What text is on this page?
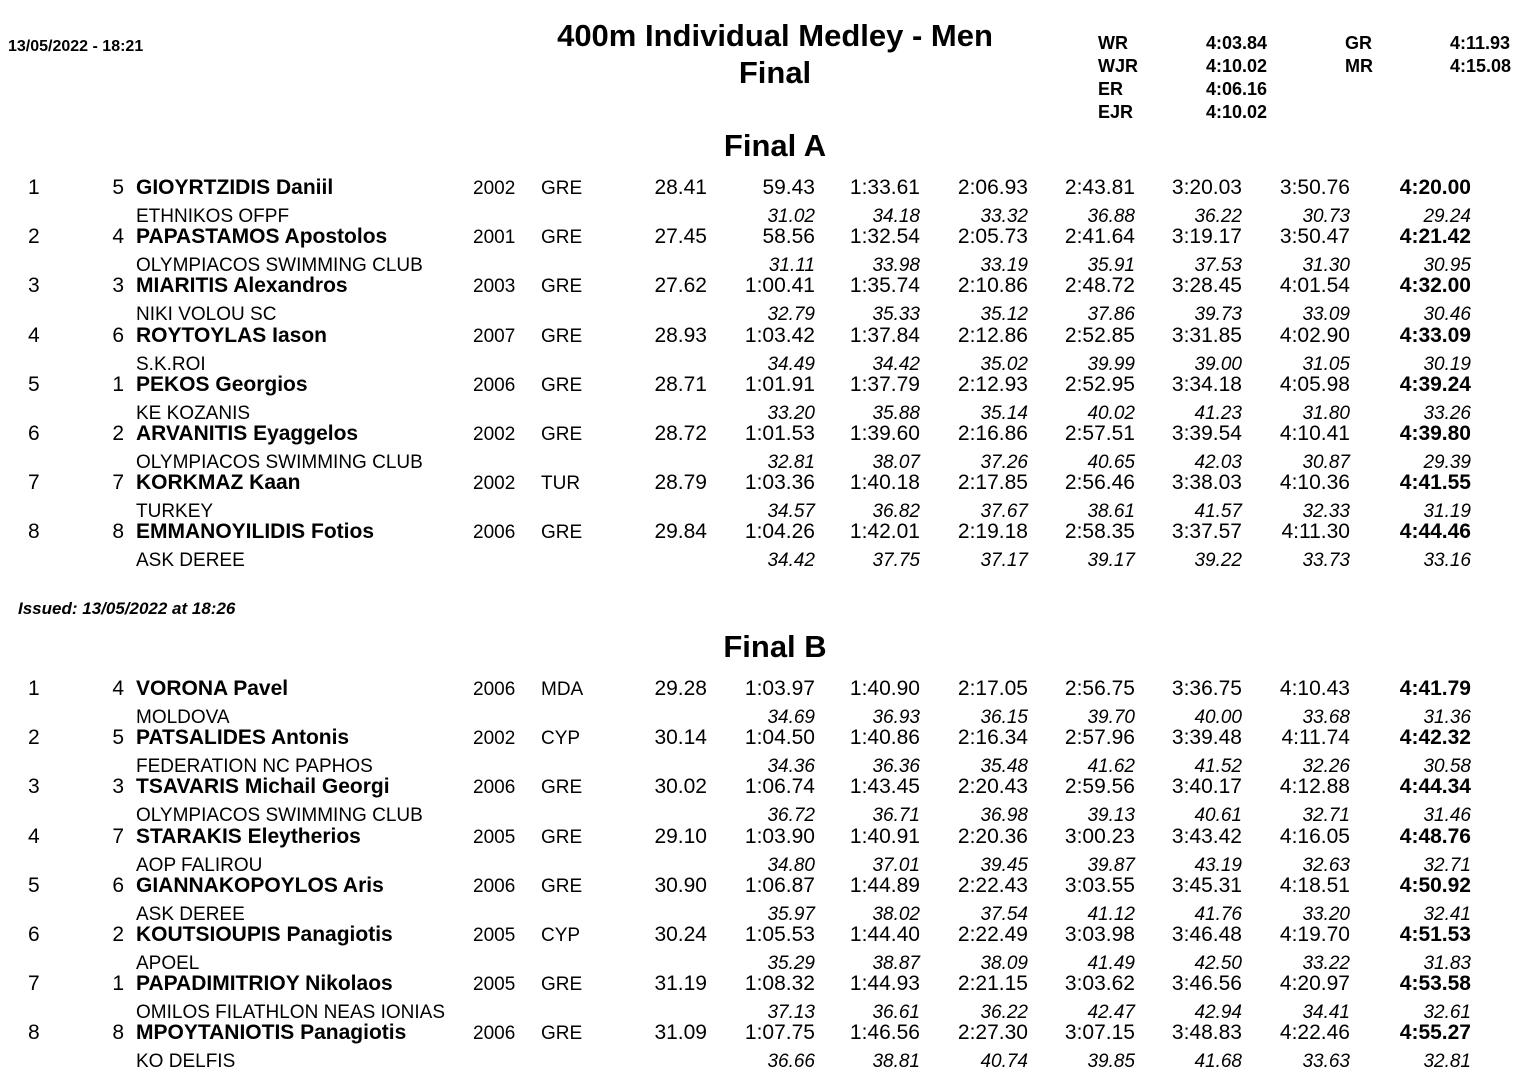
13/05/2022 - 18:21	400m Individual Medley - Men
Final
WR	4:03.84
WJR	4:10.02
ER	4:06.16
EJR	4:10.02
GR	4:11.93
MR	4:15.08
Final A
1	5 GIOYRTZIDIS Daniil	2002 GRE	28.41	59.43	1:33.61	2:06.93	2:43.81	3:20.03	3:50.76	4:20.00
ETHNIKOS OFPF	31.02	34.18	33.32	36.88	36.22	30.73	29.24
2	4 PAPASTAMOS Apostolos	2001 GRE	27.45	58.56	1:32.54	2:05.73	2:41.64	3:19.17	3:50.47	4:21.42
OLYMPIACOS SWIMMING CLUB	31.11	33.98	33.19	35.91	37.53	31.30	30.95
3	3 MIARITIS Alexandros	2003 GRE	27.62	1:00.41	1:35.74	2:10.86	2:48.72	3:28.45	4:01.54	4:32.00
NIKI VOLOU SC	32.79	35.33	35.12	37.86	39.73	33.09	30.46
4	6 ROYTOYLAS Iason	2007 GRE	28.93	1:03.42	1:37.84	2:12.86	2:52.85	3:31.85	4:02.90	4:33.09
S.K.ROI	34.49	34.42	35.02	39.99	39.00	31.05	30.19
5	1 PEKOS Georgios	2006 GRE	28.71	1:01.91	1:37.79	2:12.93	2:52.95	3:34.18	4:05.98	4:39.24
KE KOZANIS	33.20	35.88	35.14	40.02	41.23	31.80	33.26
6	2 ARVANITIS Eyaggelos	2002 GRE	28.72	1:01.53	1:39.60	2:16.86	2:57.51	3:39.54	4:10.41	4:39.80
OLYMPIACOS SWIMMING CLUB	32.81	38.07	37.26	40.65	42.03	30.87	29.39
7	7 KORKMAZ Kaan	2002 TUR	28.79	1:03.36	1:40.18	2:17.85	2:56.46	3:38.03	4:10.36	4:41.55
TURKEY	34.57	36.82	37.67	38.61	41.57	32.33	31.19
8	8 EMMANOYILIDIS Fotios	2006 GRE	29.84	1:04.26	1:42.01	2:19.18	2:58.35	3:37.57	4:11.30	4:44.46
ASK DEREE	34.42	37.75	37.17	39.17	39.22	33.73	33.16
Issued: 13/05/2022 at 18:26
Final B
1	4 VORONA Pavel	2006 MDA	29.28	1:03.97	1:40.90	2:17.05	2:56.75	3:36.75	4:10.43	4:41.79
MOLDOVA	34.69	36.93	36.15	39.70	40.00	33.68	31.36
2	5 PATSALIDES Antonis	2002 CYP	30.14	1:04.50	1:40.86	2:16.34	2:57.96	3:39.48	4:11.74	4:42.32
FEDERATION NC PAPHOS	34.36	36.36	35.48	41.62	41.52	32.26	30.58
3	3 TSAVARIS Michail Georgi	2006 GRE	30.02	1:06.74	1:43.45	2:20.43	2:59.56	3:40.17	4:12.88	4:44.34
OLYMPIACOS SWIMMING CLUB	36.72	36.71	36.98	39.13	40.61	32.71	31.46
4	7 STARAKIS Eleytherios	2005 GRE	29.10	1:03.90	1:40.91	2:20.36	3:00.23	3:43.42	4:16.05	4:48.76
AOP FALIROU	34.80	37.01	39.45	39.87	43.19	32.63	32.71
5	6 GIANNAKOPOYLOS Aris	2006 GRE	30.90	1:06.87	1:44.89	2:22.43	3:03.55	3:45.31	4:18.51	4:50.92
ASK DEREE	35.97	38.02	37.54	41.12	41.76	33.20	32.41
6	2 KOUTSIOUPIS Panagiotis	2005 CYP	30.24	1:05.53	1:44.40	2:22.49	3:03.98	3:46.48	4:19.70	4:51.53
APOEL	35.29	38.87	38.09	41.49	42.50	33.22	31.83
7	1 PAPADIMITRIOY Nikolaos	2005 GRE	31.19	1:08.32	1:44.93	2:21.15	3:03.62	3:46.56	4:20.97	4:53.58
OMILOS FILATHLON NEAS IONIAS	37.13	36.61	36.22	42.47	42.94	34.41	32.61
8	8 MPOYTANIOTIS Panagiotis	2006 GRE	31.09	1:07.75	1:46.56	2:27.30	3:07.15	3:48.83	4:22.46	4:55.27
KO DELFIS	36.66	38.81	40.74	39.85	41.68	33.63	32.81
